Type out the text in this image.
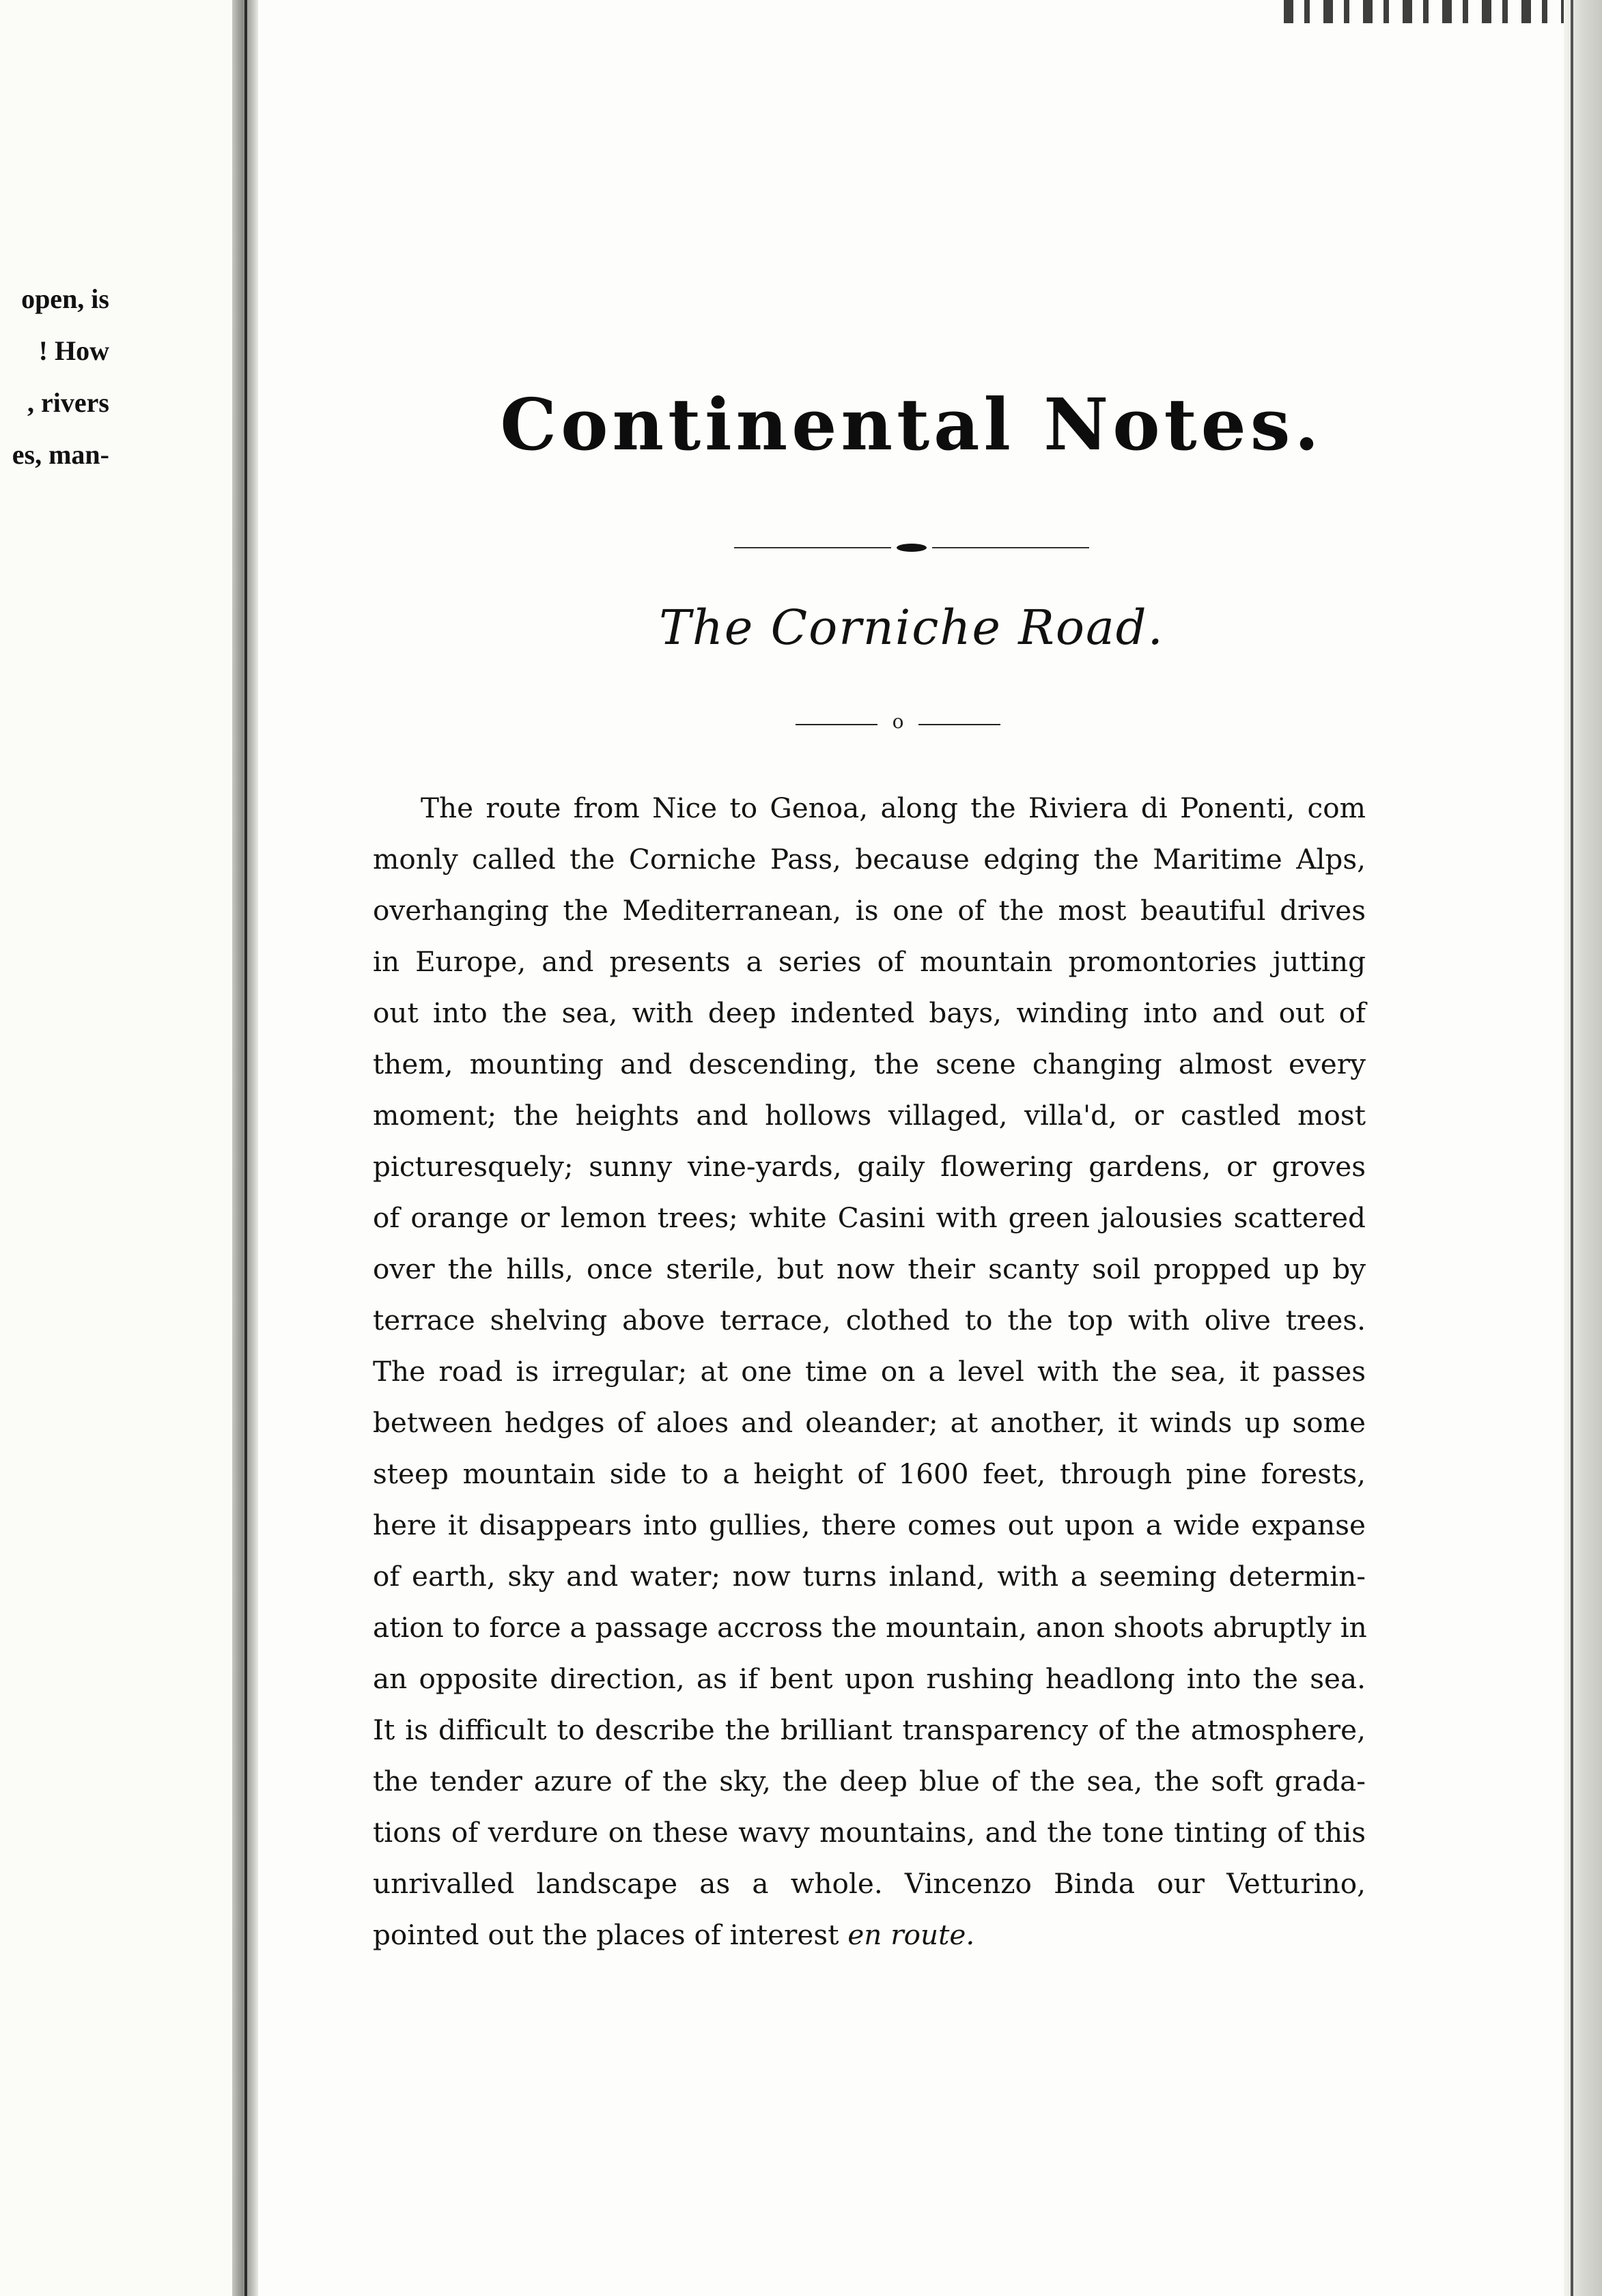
open, is
! How
, rivers
es, man-	Continental Notes.
The Corniche Road.
o
The route from Nice to Genoa, along the Riviera di Ponenti, com
monly called the Corniche Pass, because edging the Maritime Alps,
overhanging the Mediterranean, is one of the most beautiful drives
in Europe, and presents a series of mountain promontories jutting
out into the sea, with deep indented bays, winding into and out of
them, mounting and descending, the scene changing almost every
moment; the heights and hollows villaged, villa'd, or castled most
picturesquely; sunny vine-yards, gaily flowering gardens, or groves
of orange or lemon trees; white Casini with green jalousies scattered
over the hills, once sterile, but now their scanty soil propped up by
terrace shelving above terrace, clothed to the top with olive trees.
The road is irregular; at one time on a level with the sea, it passes
between hedges of aloes and oleander; at another, it winds up some
steep mountain side to a height of 1600 feet, through pine forests,
here it disappears into gullies, there comes out upon a wide expanse
of earth, sky and water; now turns inland, with a seeming determin-
ation to force a passage accross the mountain, anon shoots abruptly in
an opposite direction, as if bent upon rushing headlong into the sea.
It is difficult to describe the brilliant transparency of the atmosphere,
the tender azure of the sky, the deep blue of the sea, the soft grada-
tions of verdure on these wavy mountains, and the tone tinting of this
unrivalled landscape as a whole. Vincenzo Binda our Vetturino,
pointed out the places of interest en route.
